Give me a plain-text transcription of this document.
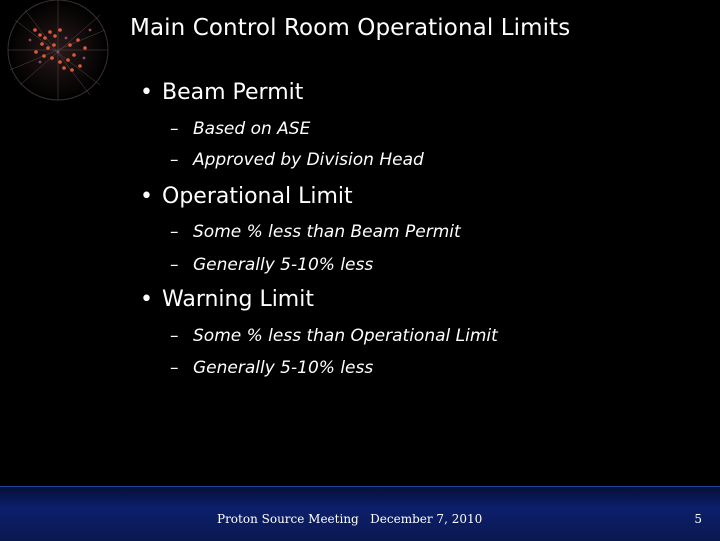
Main Control Room Operational Limits
• Beam Permit
– Based on ASE
– Approved by Division Head
• Operational Limit
– Some % less than Beam Permit
– Generally 5-10% less
• Warning Limit
– Some % less than Operational Limit
– Generally 5-10% less
Proton Source Meeting   December 7, 2010	5
